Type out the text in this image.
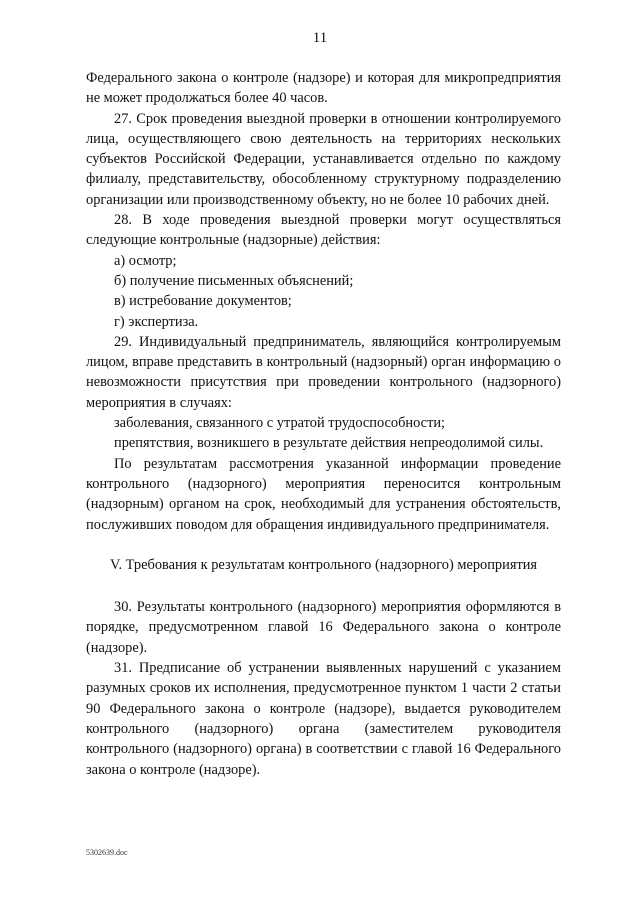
11

Федерального закона о контроле (надзоре) и которая для микропредприятия не может продолжаться более 40 часов.

27. Срок проведения выездной проверки в отношении контролируемого лица, осуществляющего свою деятельность на территориях нескольких субъектов Российской Федерации, устанавливается отдельно по каждому филиалу, представительству, обособленному структурному подразделению организации или производственному объекту, но не более 10 рабочих дней.

28. В ходе проведения выездной проверки могут осуществляться следующие контрольные (надзорные) действия:

а) осмотр;

б) получение письменных объяснений;

в) истребование документов;

г) экспертиза.

29. Индивидуальный предприниматель, являющийся контролируемым лицом, вправе представить в контрольный (надзорный) орган информацию о невозможности присутствия при проведении контрольного (надзорного) мероприятия в случаях:

заболевания, связанного с утратой трудоспособности;

препятствия, возникшего в результате действия непреодолимой силы.

По результатам рассмотрения указанной информации проведение контрольного (надзорного) мероприятия переносится контрольным (надзорным) органом на срок, необходимый для устранения обстоятельств, послуживших поводом для обращения индивидуального предпринимателя.

V. Требования к результатам контрольного (надзорного) мероприятия

30. Результаты контрольного (надзорного) мероприятия оформляются в порядке, предусмотренном главой 16 Федерального закона о контроле (надзоре).

31. Предписание об устранении выявленных нарушений с указанием разумных сроков их исполнения, предусмотренное пунктом 1 части 2 статьи 90 Федерального закона о контроле (надзоре), выдается руководителем контрольного (надзорного) органа (заместителем руководителя контрольного (надзорного) органа) в соответствии с главой 16 Федерального закона о контроле (надзоре).

5302639.doc
